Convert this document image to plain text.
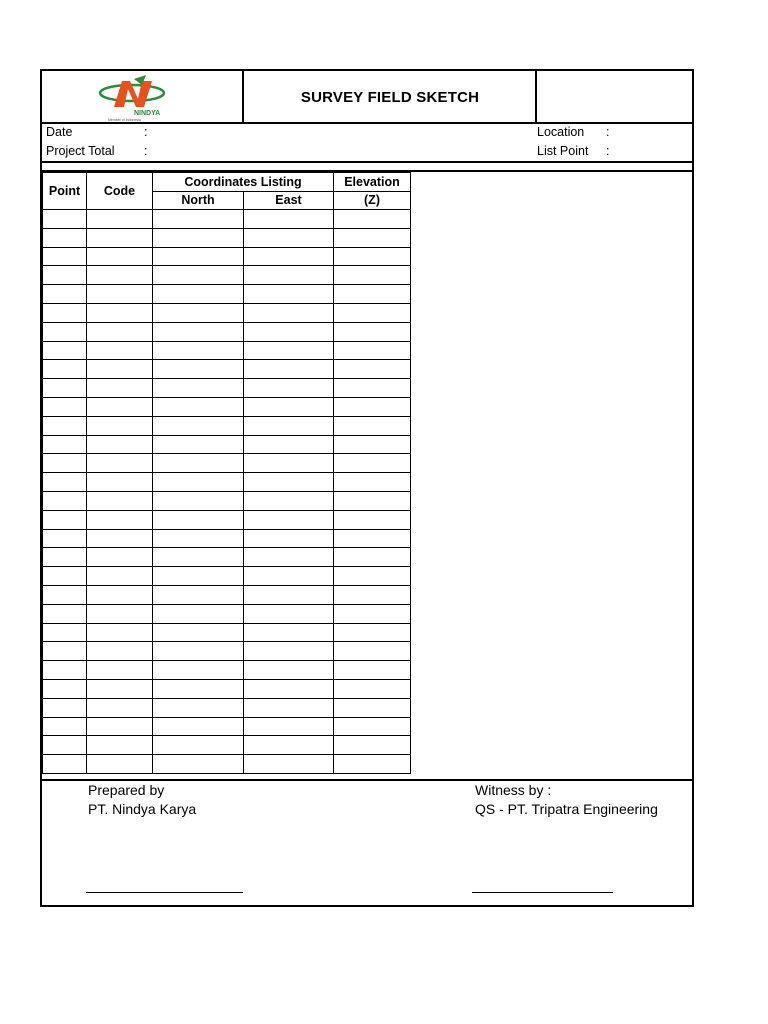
NINDYA
Member of Indonesia
SURVEY FIELD SKETCH
Date	:
Project Total :
Location :
List Point :
Point	Code	Coordinates Listing		Elevation
		North	East	(Z)

Prepared by
PT. Nindya Karya
Witness by :
QS - PT. Tripatra Engineering
